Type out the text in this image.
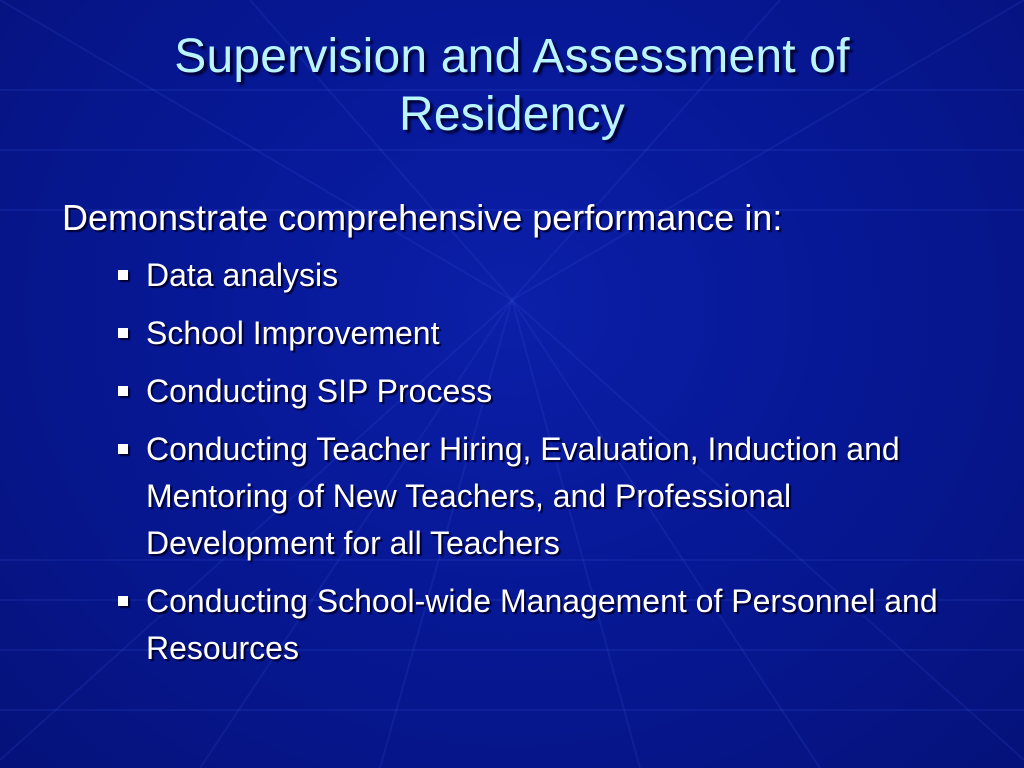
Supervision and Assessment of Residency
Demonstrate comprehensive performance in:
Data analysis
School Improvement
Conducting SIP Process
Conducting Teacher Hiring, Evaluation, Induction and Mentoring of New Teachers, and Professional Development for all Teachers
Conducting School-wide Management of Personnel and Resources
